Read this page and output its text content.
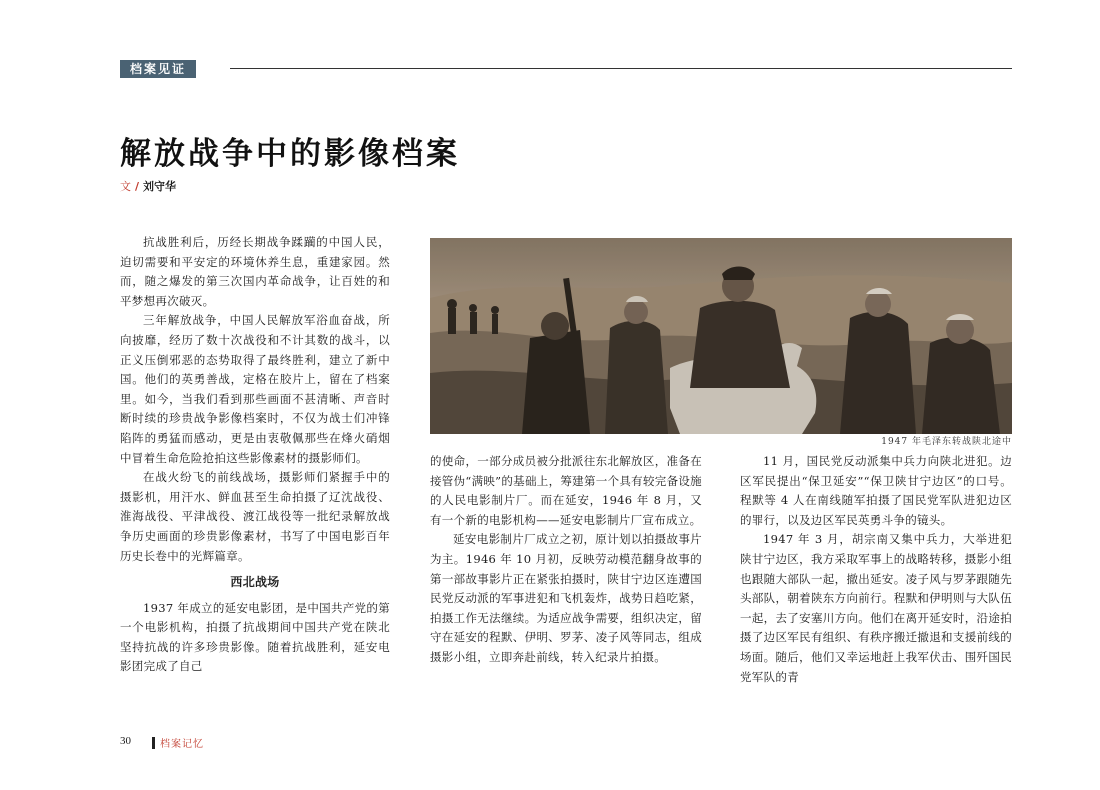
档案见证
解放战争中的影像档案
文 / 刘守华

抗战胜利后，历经长期战争蹂躏的中国人民，迫切需要和平安定的环境休养生息，重建家园。然而，随之爆发的第三次国内革命战争，让百姓的和平梦想再次破灭。

三年解放战争，中国人民解放军浴血奋战，所向披靡，经历了数十次战役和不计其数的战斗，以正义压倒邪恶的态势取得了最终胜利，建立了新中国。他们的英勇善战，定格在胶片上，留在了档案里。如今，当我们看到那些画面不甚清晰、声音时断时续的珍贵战争影像档案时，不仅为战士们冲锋陷阵的勇猛而感动，更是由衷敬佩那些在烽火硝烟中冒着生命危险抢拍这些影像素材的摄影师们。

在战火纷飞的前线战场，摄影师们紧握手中的摄影机，用汗水、鲜血甚至生命拍摄了辽沈战役、淮海战役、平津战役、渡江战役等一批纪录解放战争历史画面的珍贵影像素材，书写了中国电影百年历史长卷中的光辉篇章。

西北战场

1937 年成立的延安电影团，是中国共产党的第一个电影机构，拍摄了抗战期间中国共产党在陕北坚持抗战的许多珍贵影像。随着抗战胜利，延安电影团完成了自己

1947 年毛泽东转战陕北途中

的使命，一部分成员被分批派往东北解放区，准备在接管伪“满映”的基础上，筹建第一个具有较完备设施的人民电影制片厂。而在延安，1946 年 8 月，又有一个新的电影机构——延安电影制片厂宣布成立。

延安电影制片厂成立之初，原计划以拍摄故事片为主。1946 年 10 月初，反映劳动模范翻身故事的第一部故事影片正在紧张拍摄时，陕甘宁边区连遭国民党反动派的军事进犯和飞机轰炸，战势日趋吃紧，拍摄工作无法继续。为适应战争需要，组织决定，留守在延安的程默、伊明、罗茅、凌子风等同志，组成摄影小组，立即奔赴前线，转入纪录片拍摄。

11 月，国民党反动派集中兵力向陕北进犯。边区军民提出“保卫延安”“保卫陕甘宁边区”的口号。程默等 4 人在南线随军拍摄了国民党军队进犯边区的罪行，以及边区军民英勇斗争的镜头。

1947 年 3 月，胡宗南又集中兵力，大举进犯陕甘宁边区，我方采取军事上的战略转移，摄影小组也跟随大部队一起，撤出延安。凌子风与罗茅跟随先头部队，朝着陕东方向前行。程默和伊明则与大队伍一起，去了安塞川方向。他们在离开延安时，沿途拍摄了边区军民有组织、有秩序搬迁撤退和支援前线的场面。随后，他们又幸运地赶上我军伏击、围歼国民党军队的青

30	档案记忆
